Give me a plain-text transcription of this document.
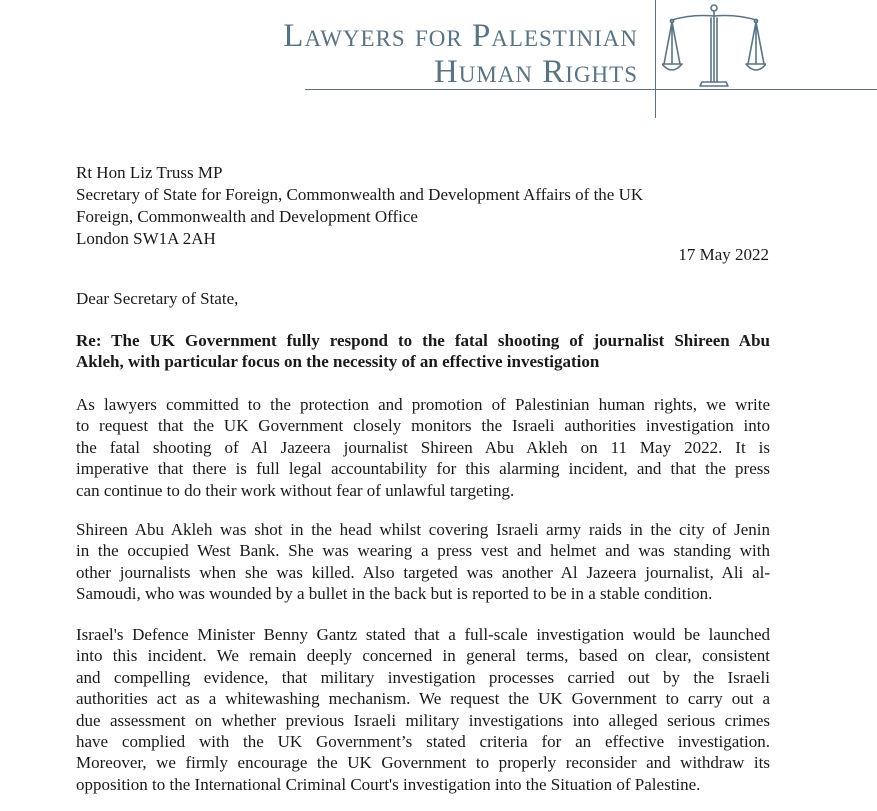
Lawyers for Palestinian
Human Rights
Rt Hon Liz Truss MP
Secretary of State for Foreign, Commonwealth and Development Affairs of the UK
Foreign, Commonwealth and Development Office
London SW1A 2AH
17 May 2022
Dear Secretary of State,
Re: The UK Government fully respond to the fatal shooting of journalist Shireen Abu
Akleh, with particular focus on the necessity of an effective investigation
As lawyers committed to the protection and promotion of Palestinian human rights, we write
to request that the UK Government closely monitors the Israeli authorities investigation into
the fatal shooting of Al Jazeera journalist Shireen Abu Akleh on 11 May 2022. It is
imperative that there is full legal accountability for this alarming incident, and that the press
can continue to do their work without fear of unlawful targeting.
Shireen Abu Akleh was shot in the head whilst covering Israeli army raids in the city of Jenin
in the occupied West Bank. She was wearing a press vest and helmet and was standing with
other journalists when she was killed. Also targeted was another Al Jazeera journalist, Ali al-
Samoudi, who was wounded by a bullet in the back but is reported to be in a stable condition.
Israel's Defence Minister Benny Gantz stated that a full-scale investigation would be launched
into this incident. We remain deeply concerned in general terms, based on clear, consistent
and compelling evidence, that military investigation processes carried out by the Israeli
authorities act as a whitewashing mechanism. We request the UK Government to carry out a
due assessment on whether previous Israeli military investigations into alleged serious crimes
have complied with the UK Government’s stated criteria for an effective investigation.
Moreover, we firmly encourage the UK Government to properly reconsider and withdraw its
opposition to the International Criminal Court's investigation into the Situation of Palestine.
